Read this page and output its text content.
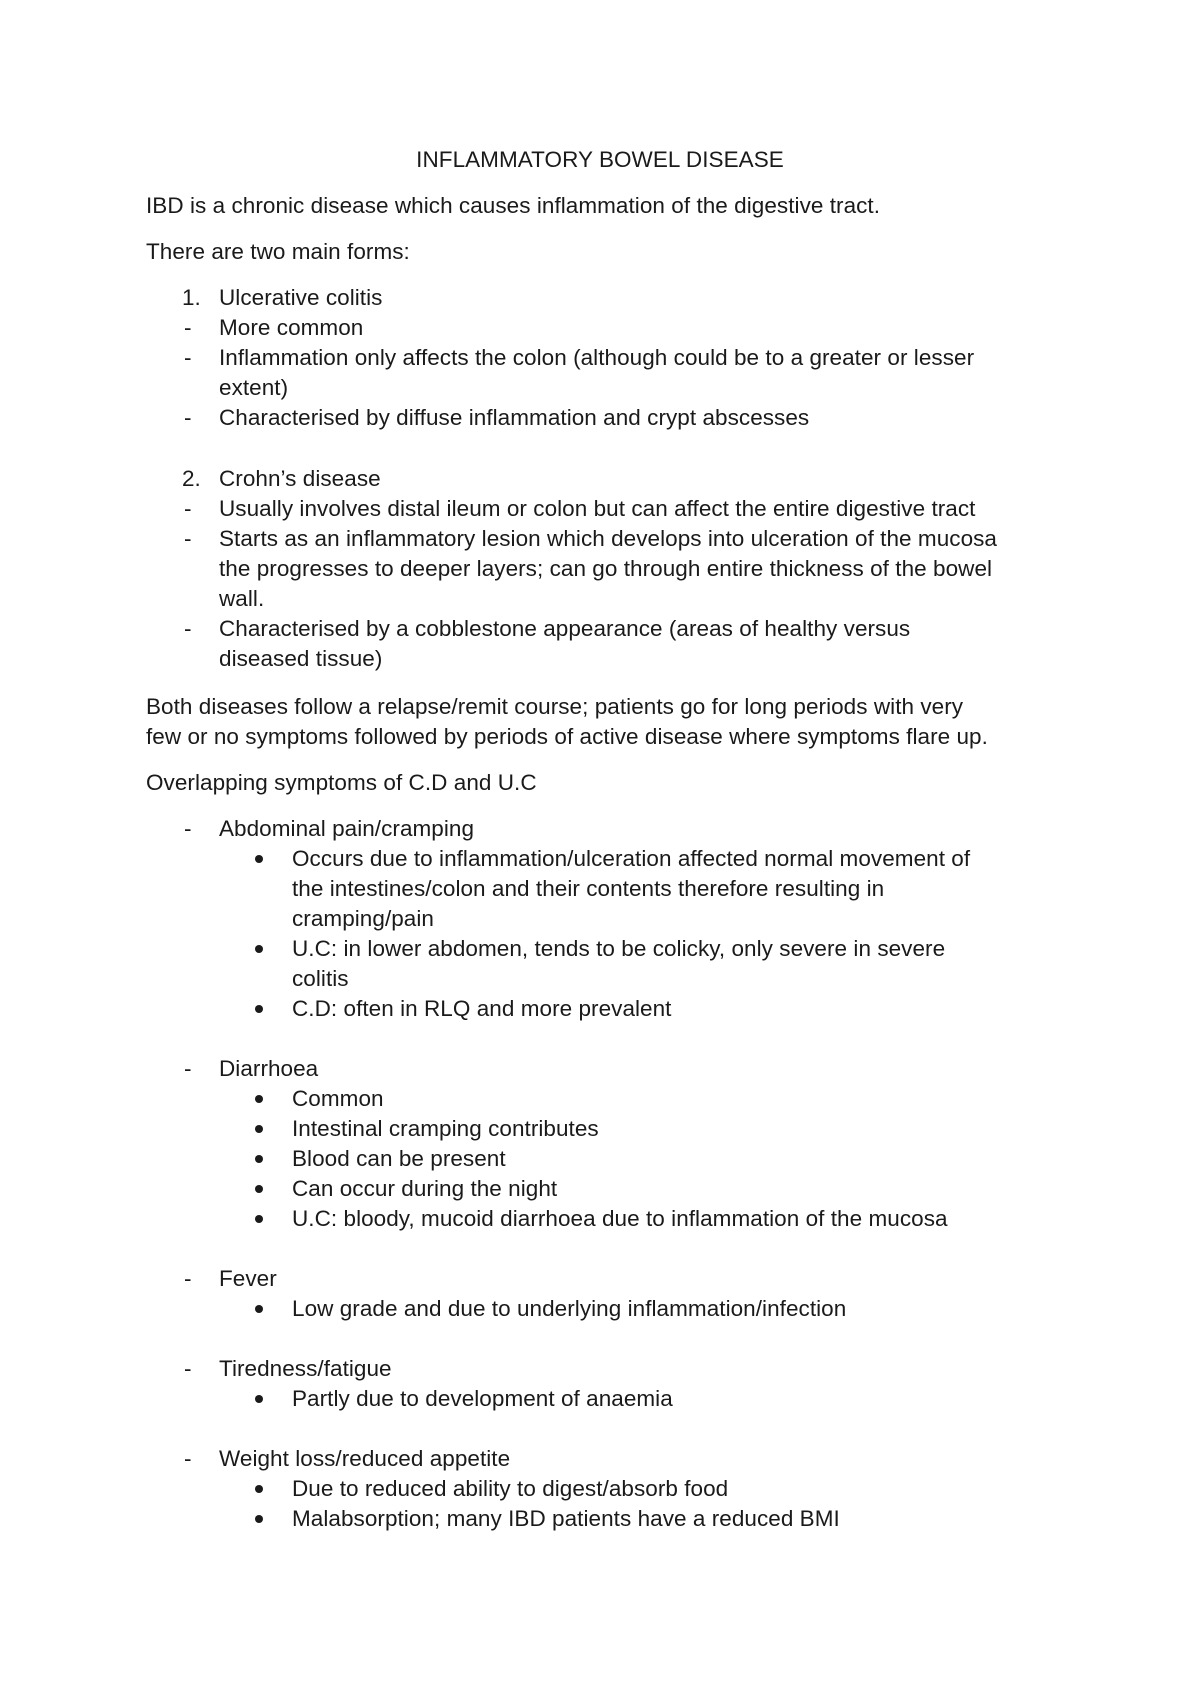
INFLAMMATORY BOWEL DISEASE
IBD is a chronic disease which causes inflammation of the digestive tract.
There are two main forms:
1. Ulcerative colitis
- More common
- Inflammation only affects the colon (although could be to a greater or lesser
extent)
- Characterised by diffuse inflammation and crypt abscesses
2. Crohn’s disease
- Usually involves distal ileum or colon but can affect the entire digestive tract
- Starts as an inflammatory lesion which develops into ulceration of the mucosa
the progresses to deeper layers; can go through entire thickness of the bowel
wall.
- Characterised by a cobblestone appearance (areas of healthy versus
diseased tissue)
Both diseases follow a relapse/remit course; patients go for long periods with very
few or no symptoms followed by periods of active disease where symptoms flare up.
Overlapping symptoms of C.D and U.C
- Abdominal pain/cramping
Occurs due to inflammation/ulceration affected normal movement of
the intestines/colon and their contents therefore resulting in
cramping/pain
U.C: in lower abdomen, tends to be colicky, only severe in severe
colitis
C.D: often in RLQ and more prevalent
- Diarrhoea
Common
Intestinal cramping contributes
Blood can be present
Can occur during the night
U.C: bloody, mucoid diarrhoea due to inflammation of the mucosa
- Fever
Low grade and due to underlying inflammation/infection
- Tiredness/fatigue
Partly due to development of anaemia
- Weight loss/reduced appetite
Due to reduced ability to digest/absorb food
Malabsorption; many IBD patients have a reduced BMI
